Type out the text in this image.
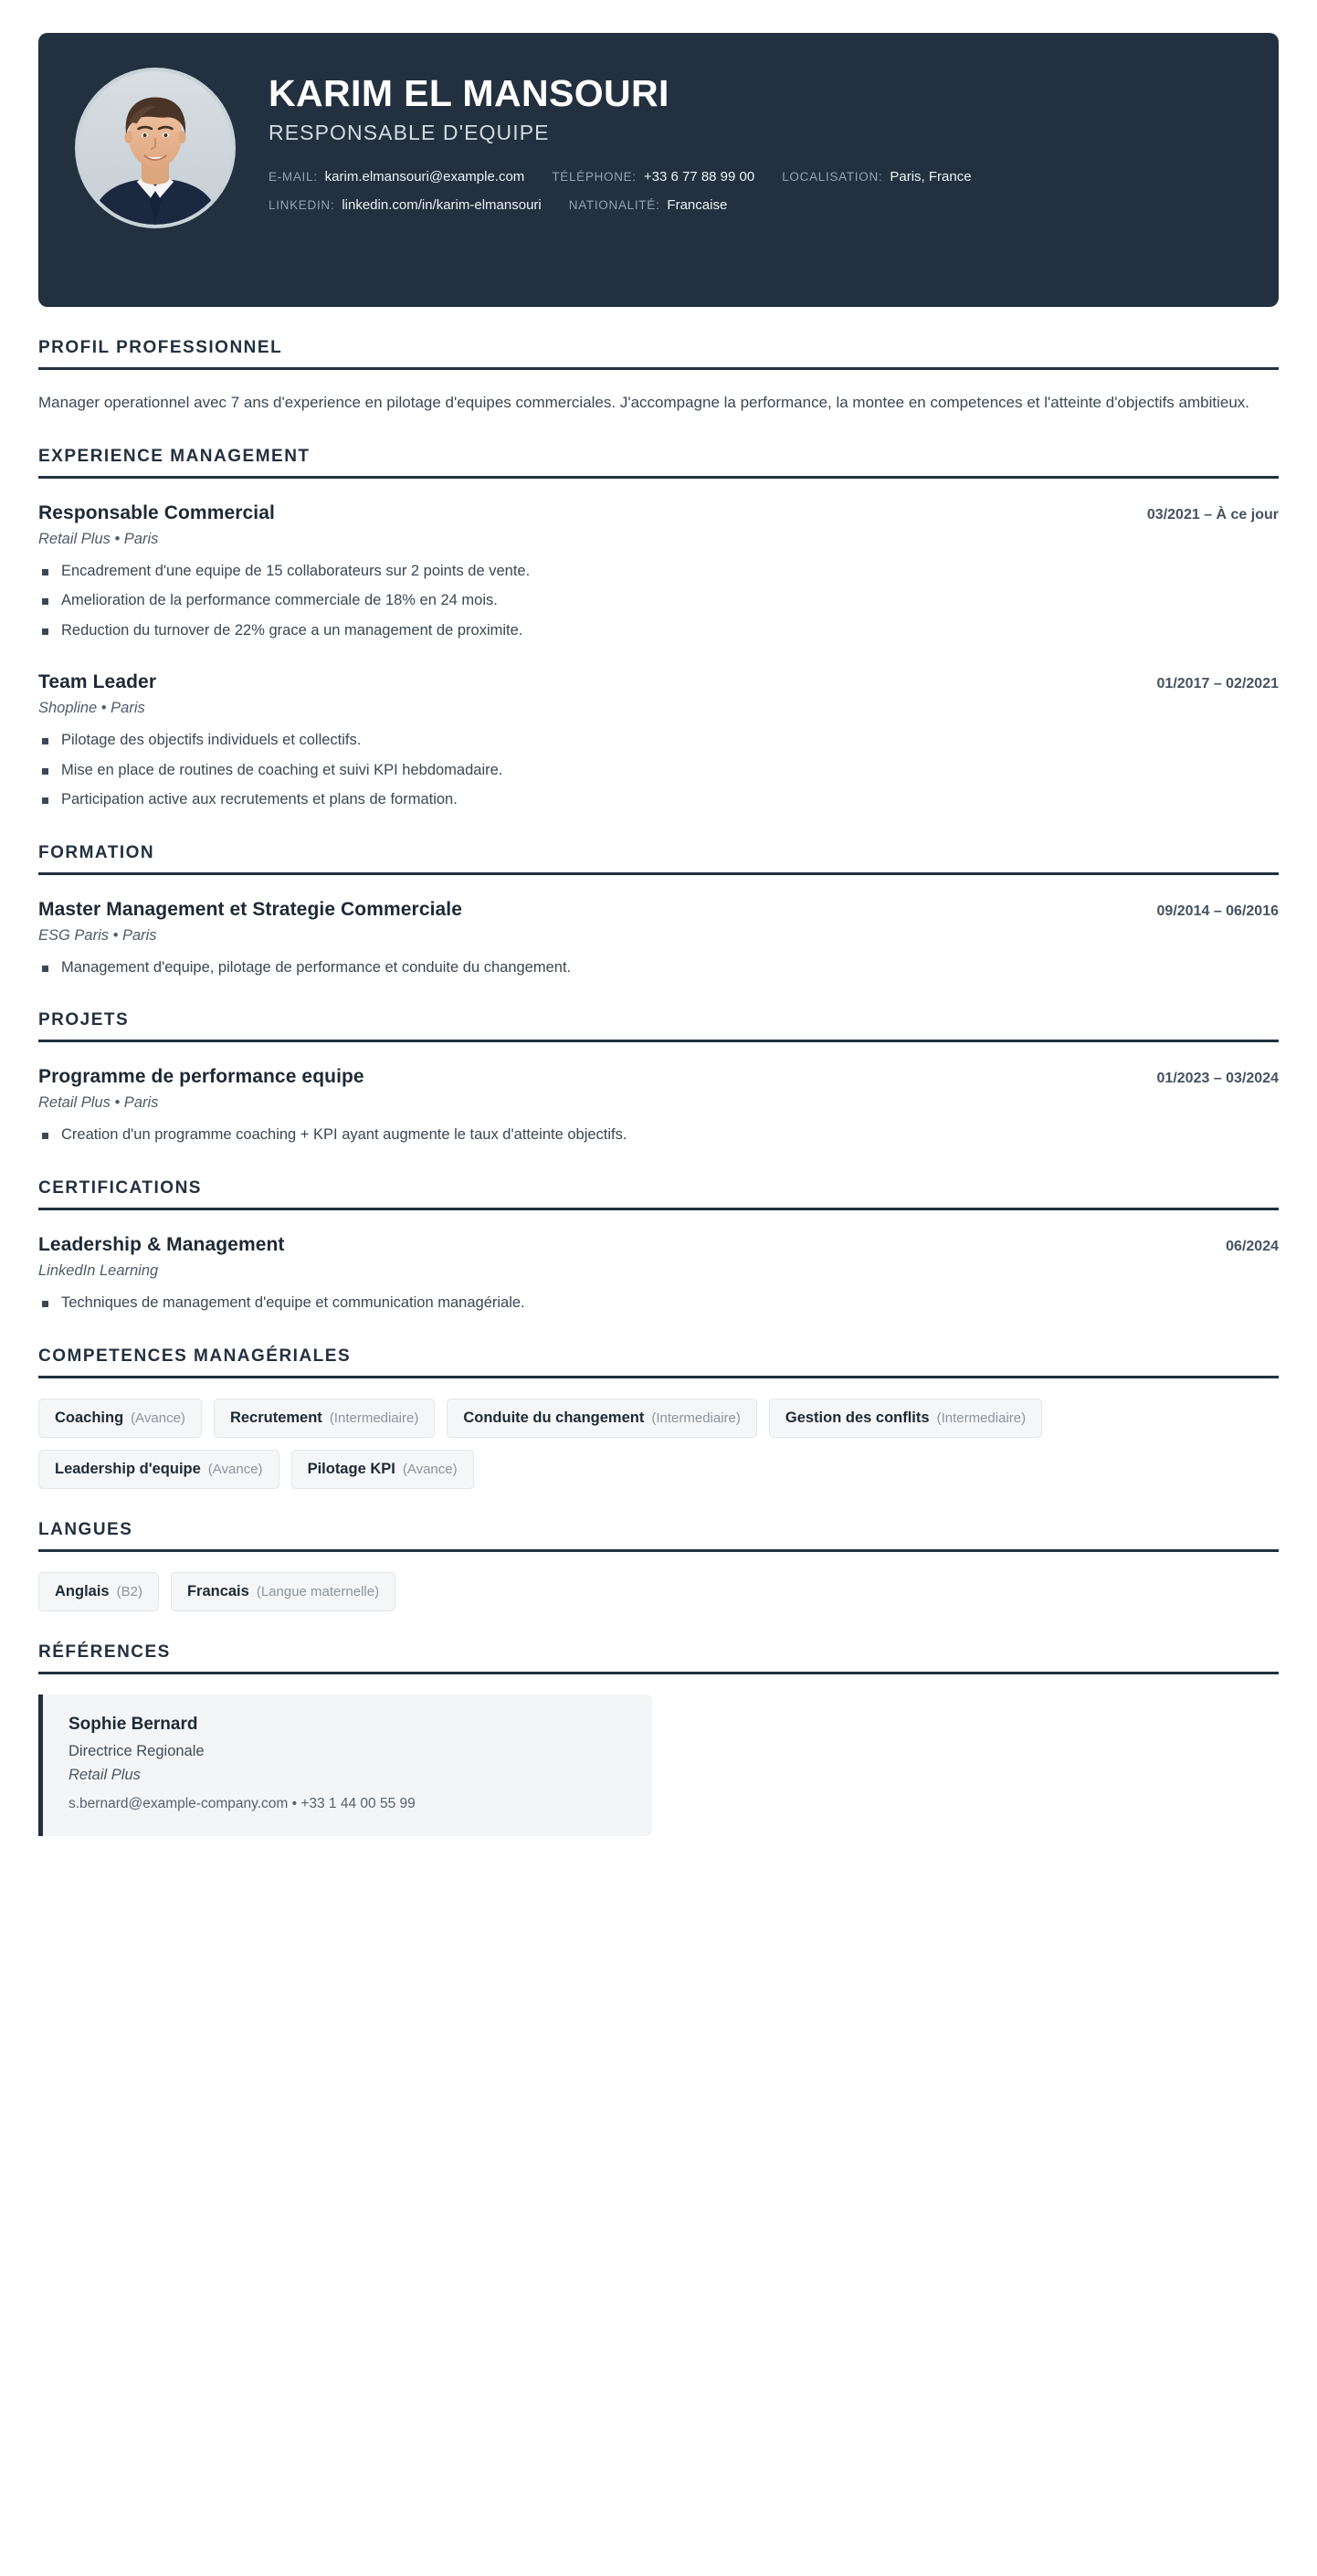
KARIM EL MANSOURI
RESPONSABLE D'EQUIPE
E-MAIL: karim.elmansouri@example.com TÉLÉPHONE: +33 6 77 88 99 00 LOCALISATION: Paris, France
LINKEDIN: linkedin.com/in/karim-elmansouri NATIONALITÉ: Francaise
PROFIL PROFESSIONNEL

Manager operationnel avec 7 ans d'experience en pilotage d'equipes commerciales. J'accompagne la performance, la montee en competences et l'atteinte d'objectifs ambitieux.

EXPERIENCE MANAGEMENT
Responsable Commercial	03/2021 – À ce jour
Retail Plus • Paris
Encadrement d'une equipe de 15 collaborateurs sur 2 points de vente.
Amelioration de la performance commerciale de 18% en 24 mois.
Reduction du turnover de 22% grace a un management de proximite.
Team Leader	01/2017 – 02/2021
Shopline • Paris
Pilotage des objectifs individuels et collectifs.
Mise en place de routines de coaching et suivi KPI hebdomadaire.
Participation active aux recrutements et plans de formation.
FORMATION
Master Management et Strategie Commerciale	09/2014 – 06/2016
ESG Paris • Paris
Management d'equipe, pilotage de performance et conduite du changement.
PROJETS
Programme de performance equipe	01/2023 – 03/2024
Retail Plus • Paris
Creation d'un programme coaching + KPI ayant augmente le taux d'atteinte objectifs.
CERTIFICATIONS
Leadership & Management	06/2024
LinkedIn Learning
Techniques de management d'equipe et communication managériale.
COMPETENCES MANAGÉRIALES
Coaching (Avance)	Recrutement (Intermediaire)	Conduite du changement (Intermediaire)	Gestion des conflits (Intermediaire)
Leadership d'equipe (Avance)	Pilotage KPI (Avance)
LANGUES
Anglais (B2)	Francais (Langue maternelle)
RÉFÉRENCES
Sophie Bernard
Directrice Regionale
Retail Plus
s.bernard@example-company.com • +33 1 44 00 55 99
